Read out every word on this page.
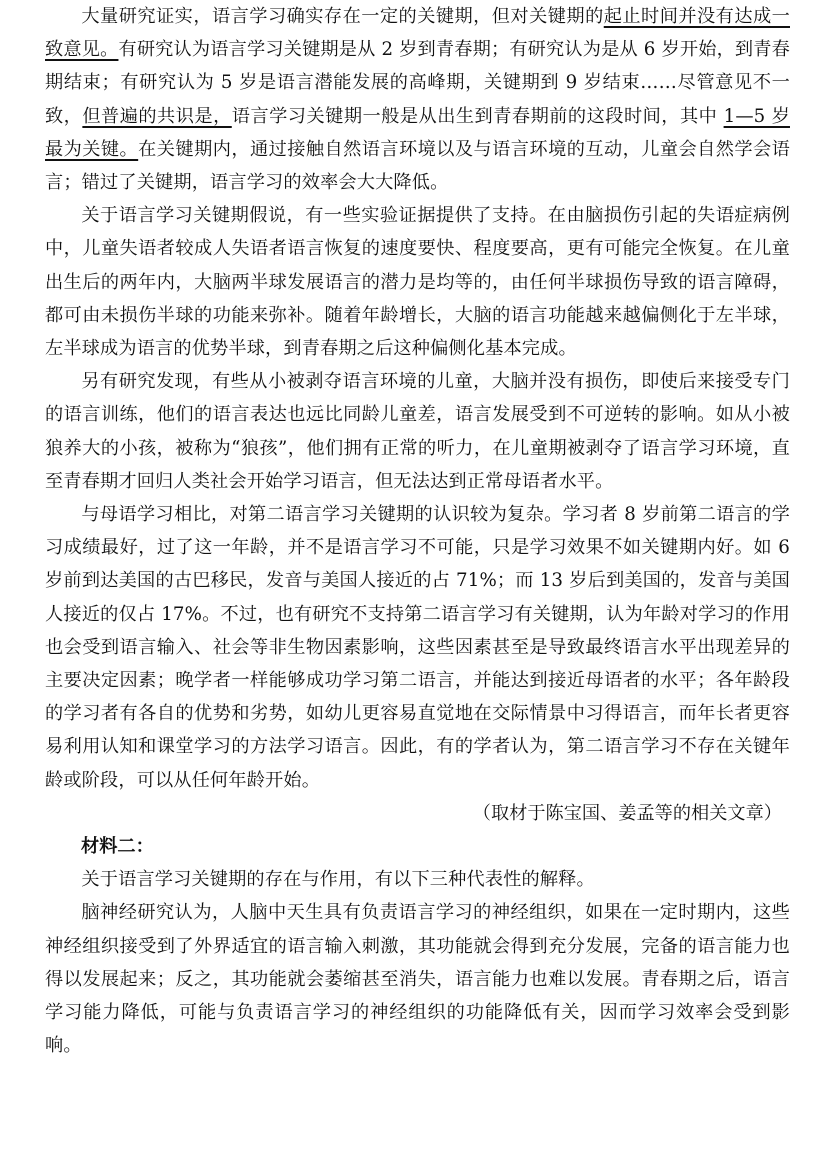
大量研究证实，语言学习确实存在一定的关键期，但对关键期的起止时间并没有达成一致意见。有研究认为语言学习关键期是从 2 岁到青春期；有研究认为是从 6 岁开始，到青春期结束；有研究认为 5 岁是语言潜能发展的高峰期，关键期到 9 岁结束……尽管意见不一致，但普遍的共识是，语言学习关键期一般是从出生到青春期前的这段时间，其中 1—5 岁最为关键。在关键期内，通过接触自然语言环境以及与语言环境的互动，儿童会自然学会语言；错过了关键期，语言学习的效率会大大降低。

关于语言学习关键期假说，有一些实验证据提供了支持。在由脑损伤引起的失语症病例中，儿童失语者较成人失语者语言恢复的速度要快、程度要高，更有可能完全恢复。在儿童出生后的两年内，大脑两半球发展语言的潜力是均等的，由任何半球损伤导致的语言障碍，都可由未损伤半球的功能来弥补。随着年龄增长，大脑的语言功能越来越偏侧化于左半球，左半球成为语言的优势半球，到青春期之后这种偏侧化基本完成。

另有研究发现，有些从小被剥夺语言环境的儿童，大脑并没有损伤，即使后来接受专门的语言训练，他们的语言表达也远比同龄儿童差，语言发展受到不可逆转的影响。如从小被狼养大的小孩，被称为“狼孩”，他们拥有正常的听力，在儿童期被剥夺了语言学习环境，直至青春期才回归人类社会开始学习语言，但无法达到正常母语者水平。

与母语学习相比，对第二语言学习关键期的认识较为复杂。学习者 8 岁前第二语言的学习成绩最好，过了这一年龄，并不是语言学习不可能，只是学习效果不如关键期内好。如 6 岁前到达美国的古巴移民，发音与美国人接近的占 71%；而 13 岁后到美国的，发音与美国人接近的仅占 17%。不过，也有研究不支持第二语言学习有关键期，认为年龄对学习的作用也会受到语言输入、社会等非生物因素影响，这些因素甚至是导致最终语言水平出现差异的主要决定因素；晚学者一样能够成功学习第二语言，并能达到接近母语者的水平；各年龄段的学习者有各自的优势和劣势，如幼儿更容易直觉地在交际情景中习得语言，而年长者更容易利用认知和课堂学习的方法学习语言。因此，有的学者认为，第二语言学习不存在关键年龄或阶段，可以从任何年龄开始。

（取材于陈宝国、姜孟等的相关文章）

材料二：

关于语言学习关键期的存在与作用，有以下三种代表性的解释。

脑神经研究认为，人脑中天生具有负责语言学习的神经组织，如果在一定时期内，这些神经组织接受到了外界适宜的语言输入刺激，其功能就会得到充分发展，完备的语言能力也得以发展起来；反之，其功能就会萎缩甚至消失，语言能力也难以发展。青春期之后，语言学习能力降低，可能与负责语言学习的神经组织的功能降低有关，因而学习效率会受到影响。
